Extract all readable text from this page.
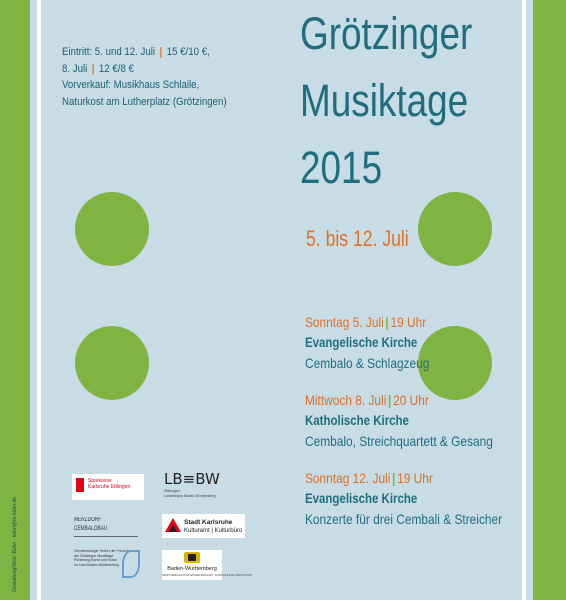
Gestaltung/Web: Bühn · bühn@rb-bühn.de
Eintritt: 5. und 12. Juli | 15 €/10 €,
8. Juli | 12 €/8 €
Vorverkauf: Musikhaus Schlaile,
Naturkost am Lutherplatz (Grötzingen)
Grötzinger
Musiktage
2015
5. bis 12. Juli
Sonntag 5. Juli | 19 Uhr
Evangelische Kirche
Cembalo & Schlagzeug
Mittwoch 8. Juli | 20 Uhr
Katholische Kirche
Cembalo, Streichquartett & Gesang
Sonntag 12. Juli | 19 Uhr
Evangelische Kirche
Konzerte für drei Cembali & Streicher
Sparkasse
Karlsruhe Ettlingen LB≡BW
Stiftungen
Landesbank Baden-Württemberg
MERZDORF
CEMBALOBAU
Stadt Karlsruhe
Kulturamt | Kulturbüro
Gemeinnütziger Verein der Freunde
der Grötzinger Musiktage
Förderung Kunst und Kultur
im Land Baden-Württemberg
Baden-Württemberg
MINISTERIUM FÜR WISSENSCHAFT, FORSCHUNG UND KUNST
